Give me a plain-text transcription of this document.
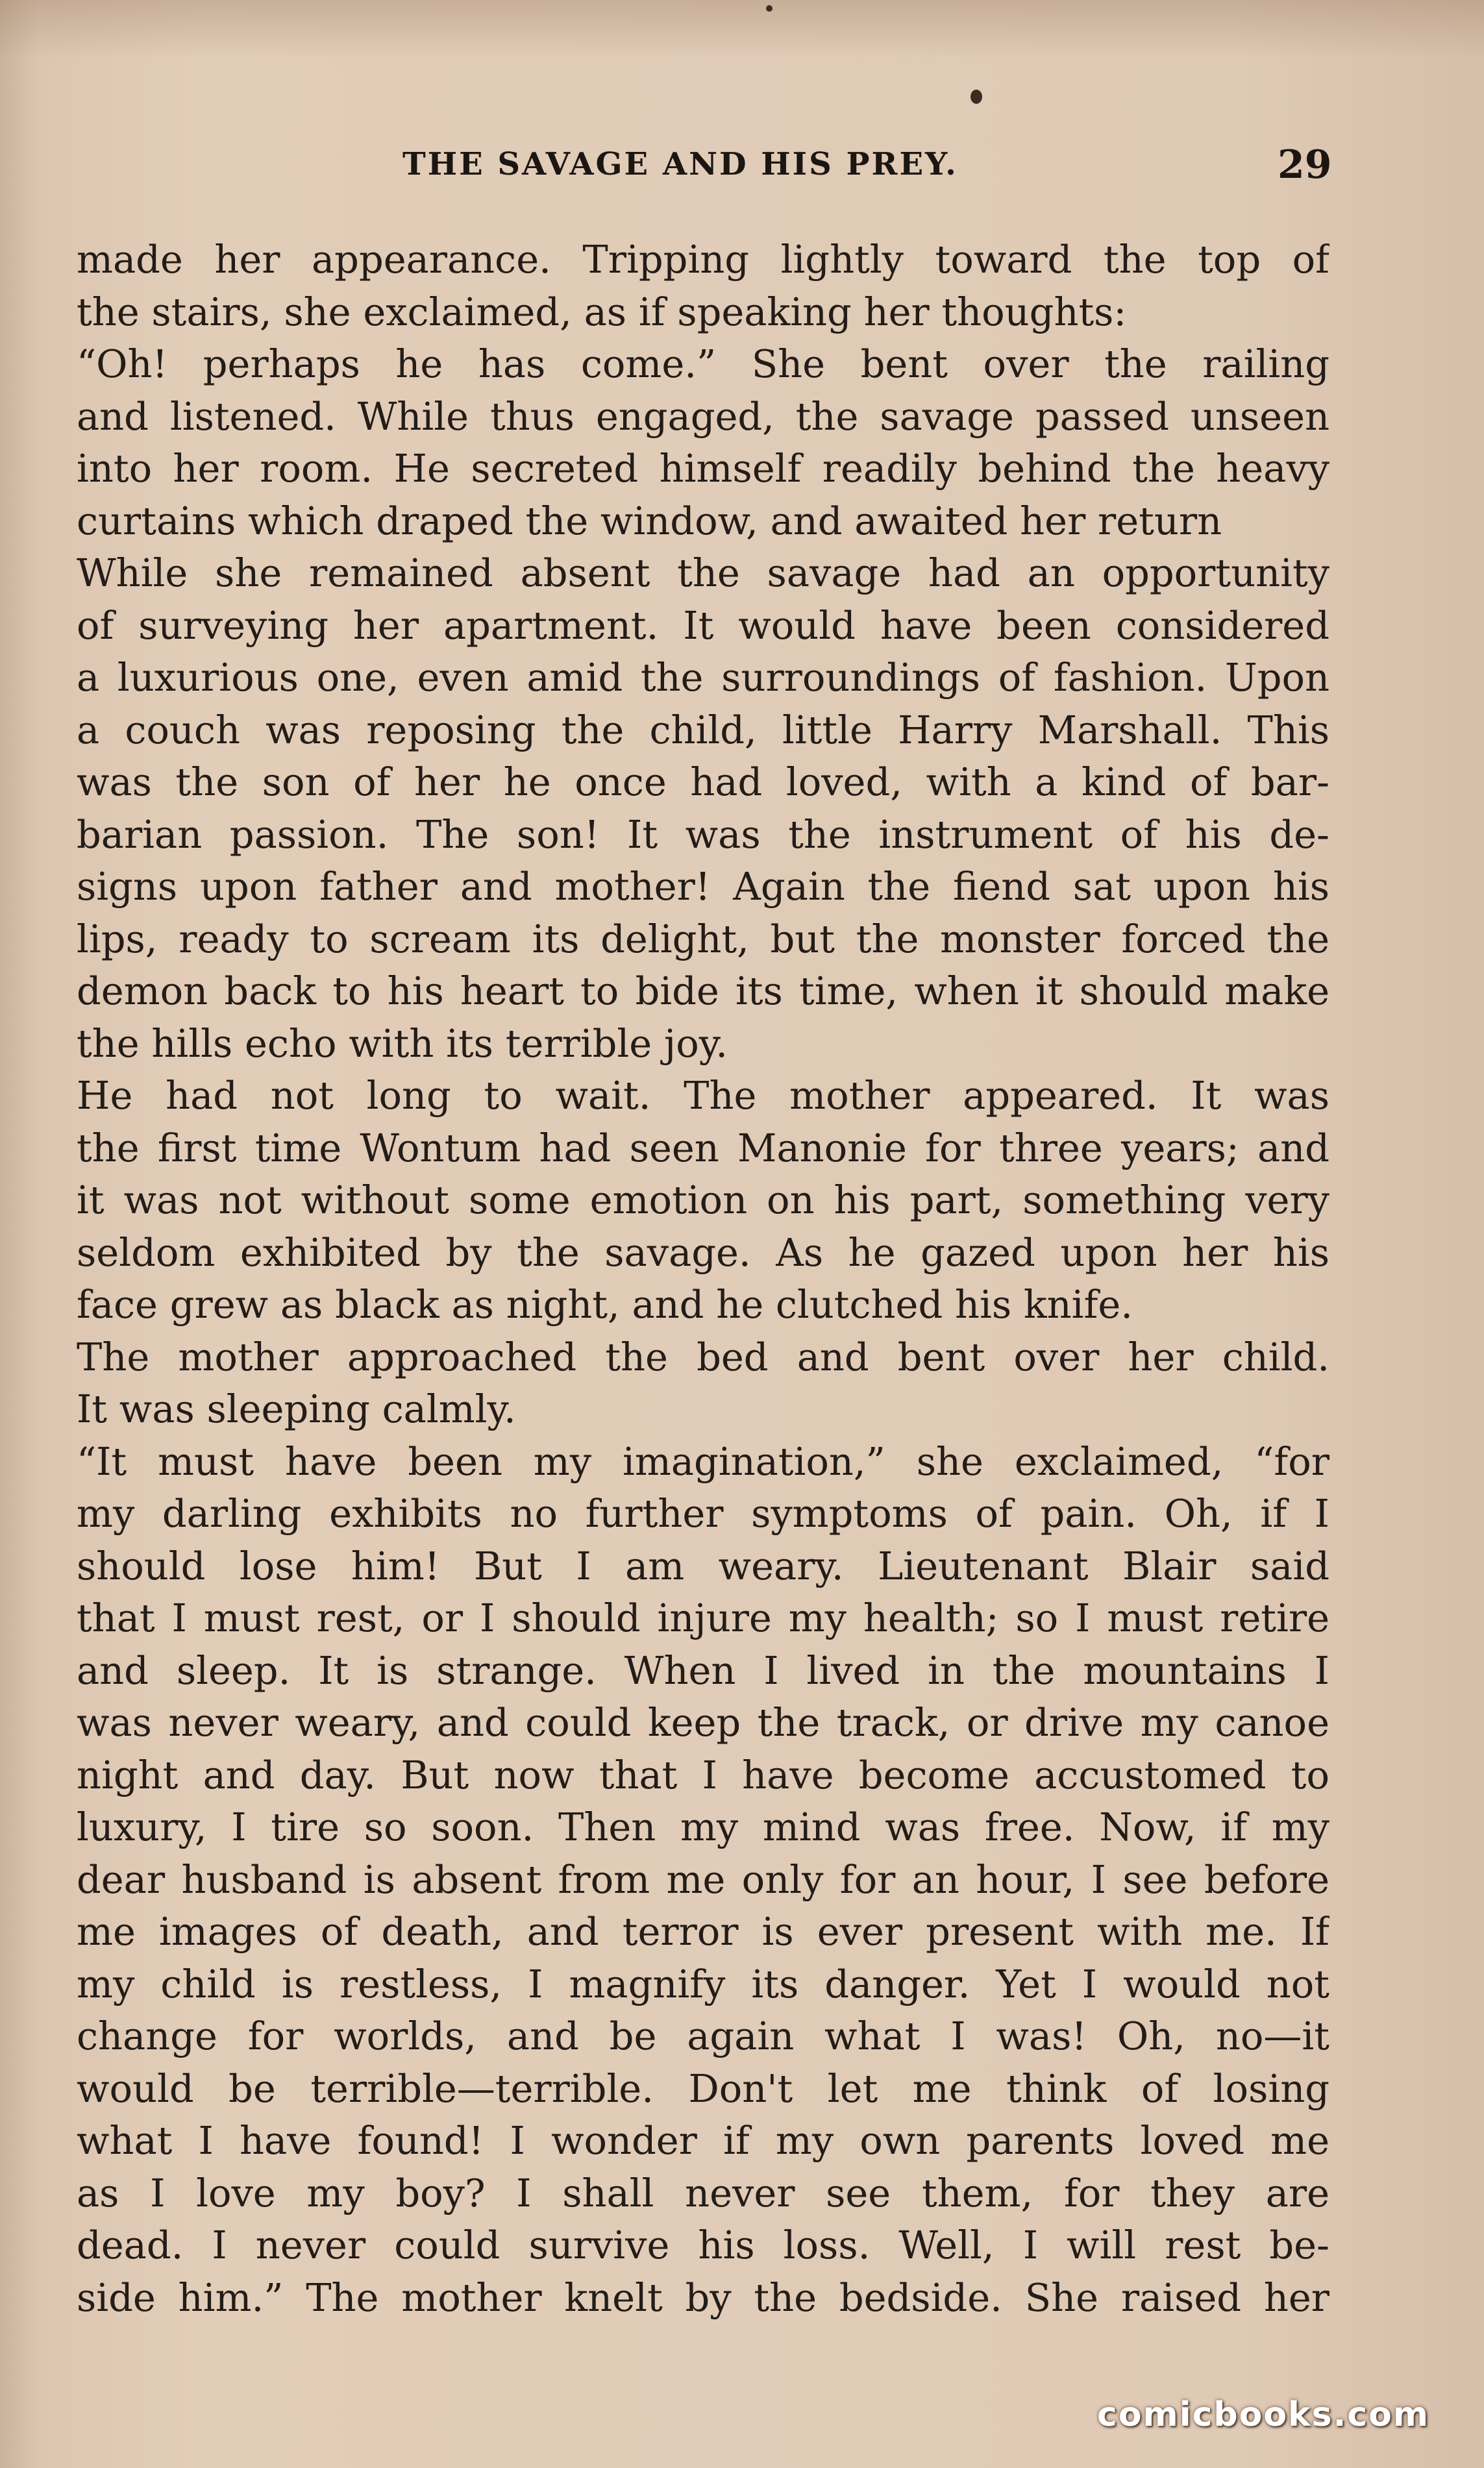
THE SAVAGE AND HIS PREY.	29
made her appearance. Tripping lightly toward the top of
the stairs, she exclaimed, as if speaking her thoughts:
“Oh! perhaps he has come.” She bent over the railing
and listened. While thus engaged, the savage passed unseen
into her room. He secreted himself readily behind the heavy
curtains which draped the window, and awaited her return
While she remained absent the savage had an opportunity
of surveying her apartment. It would have been considered
a luxurious one, even amid the surroundings of fashion. Upon
a couch was reposing the child, little Harry Marshall. This
was the son of her he once had loved, with a kind of bar-
barian passion. The son! It was the instrument of his de-
signs upon father and mother! Again the fiend sat upon his
lips, ready to scream its delight, but the monster forced the
demon back to his heart to bide its time, when it should make
the hills echo with its terrible joy.
He had not long to wait. The mother appeared. It was
the first time Wontum had seen Manonie for three years; and
it was not without some emotion on his part, something very
seldom exhibited by the savage. As he gazed upon her his
face grew as black as night, and he clutched his knife.
The mother approached the bed and bent over her child.
It was sleeping calmly.
“It must have been my imagination,” she exclaimed, “for
my darling exhibits no further symptoms of pain. Oh, if I
should lose him! But I am weary. Lieutenant Blair said
that I must rest, or I should injure my health; so I must retire
and sleep. It is strange. When I lived in the mountains I
was never weary, and could keep the track, or drive my canoe
night and day. But now that I have become accustomed to
luxury, I tire so soon. Then my mind was free. Now, if my
dear husband is absent from me only for an hour, I see before
me images of death, and terror is ever present with me. If
my child is restless, I magnify its danger. Yet I would not
change for worlds, and be again what I was! Oh, no—it
would be terrible—terrible. Don't let me think of losing
what I have found! I wonder if my own parents loved me
as I love my boy? I shall never see them, for they are
dead. I never could survive his loss. Well, I will rest be-
side him.” The mother knelt by the bedside. She raised her
comicbooks.com
